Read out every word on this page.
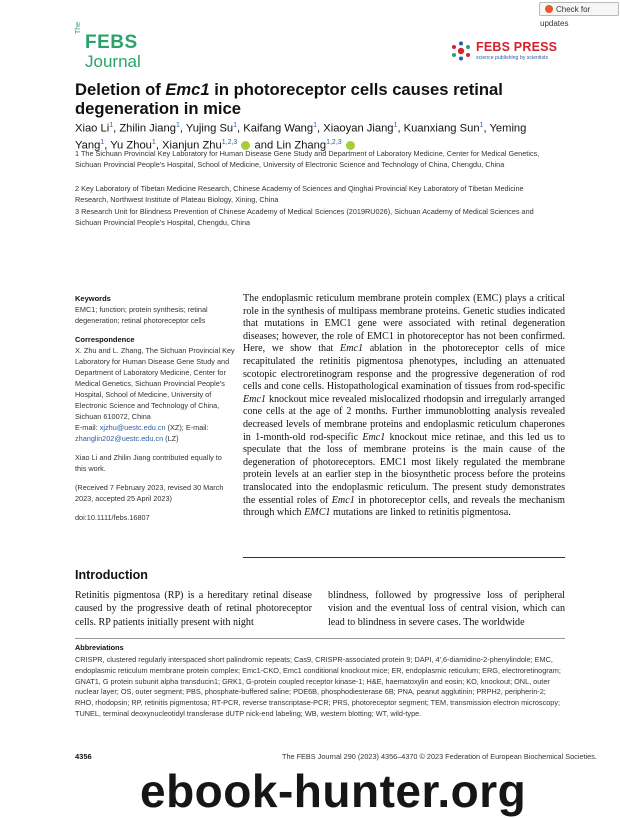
Check for updates
The
FEBS
Journal
FEBS PRESS
science publishing by scientists
Deletion of Emc1 in photoreceptor cells causes retinal degeneration in mice
Xiao Li$^1$, Zhilin Jiang$^1$, Yujing Su$^1$, Kaifang Wang$^1$, Xiaoyan Jiang$^1$, Kuanxiang Sun$^1$, Yeming Yang$^1$, Yu Zhou$^1$, Xianjun Zhu$^{1,2,3}$  and Lin Zhang$^{1,2,3}$
1 The Sichuan Provincial Key Laboratory for Human Disease Gene Study and Department of Laboratory Medicine, Center for Medical Genetics, Sichuan Provincial People’s Hospital, School of Medicine, University of Electronic Science and Technology of China, Chengdu, China
2 Key Laboratory of Tibetan Medicine Research, Chinese Academy of Sciences and Qinghai Provincial Key Laboratory of Tibetan Medicine Research, Northwest Institute of Plateau Biology, Xining, China
3 Research Unit for Blindness Prevention of Chinese Academy of Medical Sciences (2019RU026), Sichuan Academy of Medical Sciences and Sichuan Provincial People’s Hospital, Chengdu, China
Keywords
EMC1; function; protein synthesis; retinal degeneration; retinal photoreceptor cells
Correspondence
X. Zhu and L. Zhang, The Sichuan Provincial Key Laboratory for Human Disease Gene Study and Department of Laboratory Medicine, Center for Medical Genetics, Sichuan Provincial People’s Hospital, School of Medicine, University of Electronic Science and Technology of China, Sichuan 610072, China
E-mail: xjzhu@uestc.edu.cn (XZ); E-mail: zhanglin202@uestc.edu.cn (LZ)
Xiao Li and Zhilin Jiang contributed equally to this work.
(Received 7 February 2023, revised 30 March 2023, accepted 25 April 2023)
doi:10.1111/febs.16807
The endoplasmic reticulum membrane protein complex (EMC) plays a critical role in the synthesis of multipass membrane proteins. Genetic studies indicated that mutations in EMC1 gene were associated with retinal degeneration diseases; however, the role of EMC1 in photoreceptor has not been confirmed. Here, we show that Emc1 ablation in the photoreceptor cells of mice recapitulated the retinitis pigmentosa phenotypes, including an attenuated scotopic electroretinogram response and the progressive degeneration of rod cells and cone cells. Histopathological examination of tissues from rod-specific Emc1 knockout mice revealed mislocalized rhodopsin and irregularly arranged cone cells at the age of 2 months. Further immunoblotting analysis revealed decreased levels of membrane proteins and endoplasmic reticulum chaperones in 1-month-old rod-specific Emc1 knockout mice retinae, and this led us to speculate that the loss of membrane proteins is the main cause of the degeneration of photoreceptors. EMC1 most likely regulated the membrane protein levels at an earlier step in the biosynthetic process before the proteins translocated into the endoplasmic reticulum. The present study demonstrates the essential roles of Emc1 in photoreceptor cells, and reveals the mechanism through which EMC1 mutations are linked to retinitis pigmentosa.
Introduction
Retinitis pigmentosa (RP) is a hereditary retinal disease caused by the progressive death of retinal photoreceptor cells. RP patients initially present with night
blindness, followed by progressive loss of peripheral vision and the eventual loss of central vision, which can lead to blindness in severe cases. The worldwide
Abbreviations
CRISPR, clustered regularly interspaced short palindromic repeats; Cas9, CRISPR-associated protein 9; DAPI, 4′,6-diamidino-2-phenylindole; EMC, endoplasmic reticulum membrane protein complex; Emc1-CKO, Emc1 conditional knockout mice; ER, endoplasmic reticulum; ERG, electroretinogram; GNAT1, G protein subunit alpha transducin1; GRK1, G-protein coupled receptor kinase-1; H&E, haematoxylin and eosin; KO, knockout; ONL, outer nuclear layer; OS, outer segment; PBS, phosphate-buffered saline; PDE6B, phosphodiesterase 6B; PNA, peanut agglutinin; PRPH2, peripherin-2; RHO, rhodopsin; RP, retinitis pigmentosa; RT-PCR, reverse transcriptase-PCR; PRS, photoreceptor segment; TEM, transmission electron microscopy; TUNEL, terminal deoxynucleotidyl transferase dUTP nick-end labeling; WB, western blotting; WT, wild-type.
4356	The FEBS Journal 290 (2023) 4356–4370 © 2023 Federation of European Biochemical Societies.
ebook-hunter.org
